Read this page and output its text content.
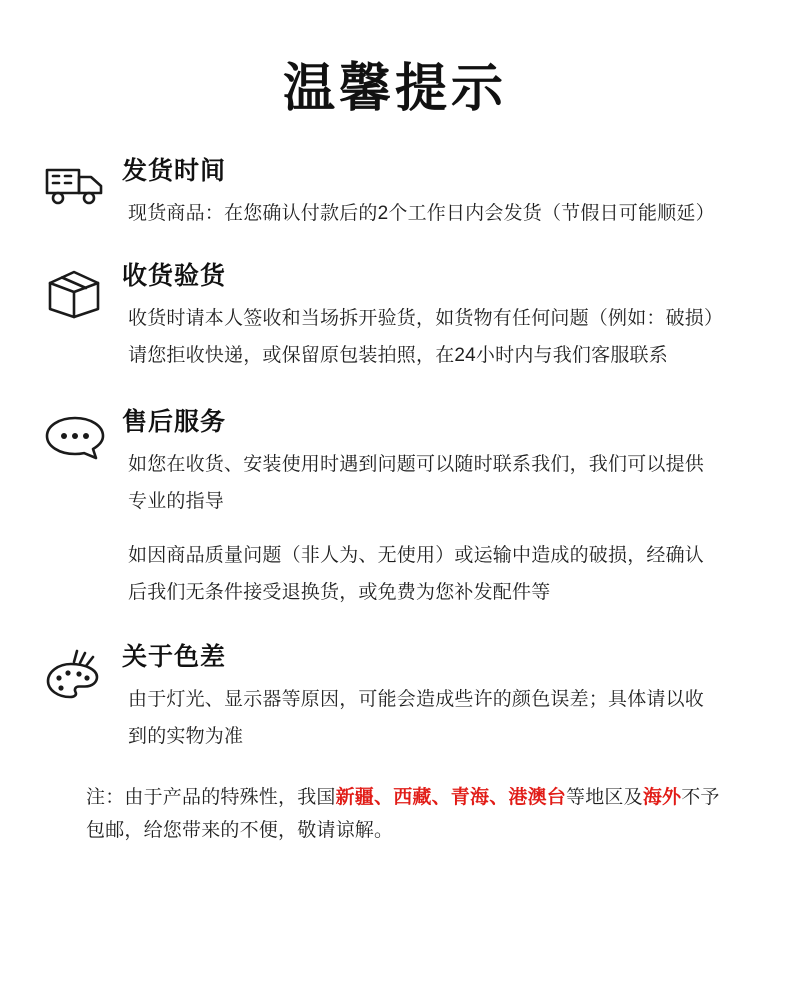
温馨提示
发货时间

现货商品：在您确认付款后的2个工作日内会发货（节假日可能顺延）

收货验货

收货时请本人签收和当场拆开验货，如货物有任何问题（例如：破损）

请您拒收快递，或保留原包装拍照，在24小时内与我们客服联系

售后服务

如您在收货、安装使用时遇到问题可以随时联系我们，我们可以提供

专业的指导

如因商品质量问题（非人为、无使用）或运输中造成的破损，经确认

后我们无条件接受退换货，或免费为您补发配件等

关于色差

由于灯光、显示器等原因，可能会造成些许的颜色误差；具体请以收

到的实物为准

注：由于产品的特殊性，我国新疆、西藏、青海、港澳台等地区及海外不予
包邮，给您带来的不便，敬请谅解。
